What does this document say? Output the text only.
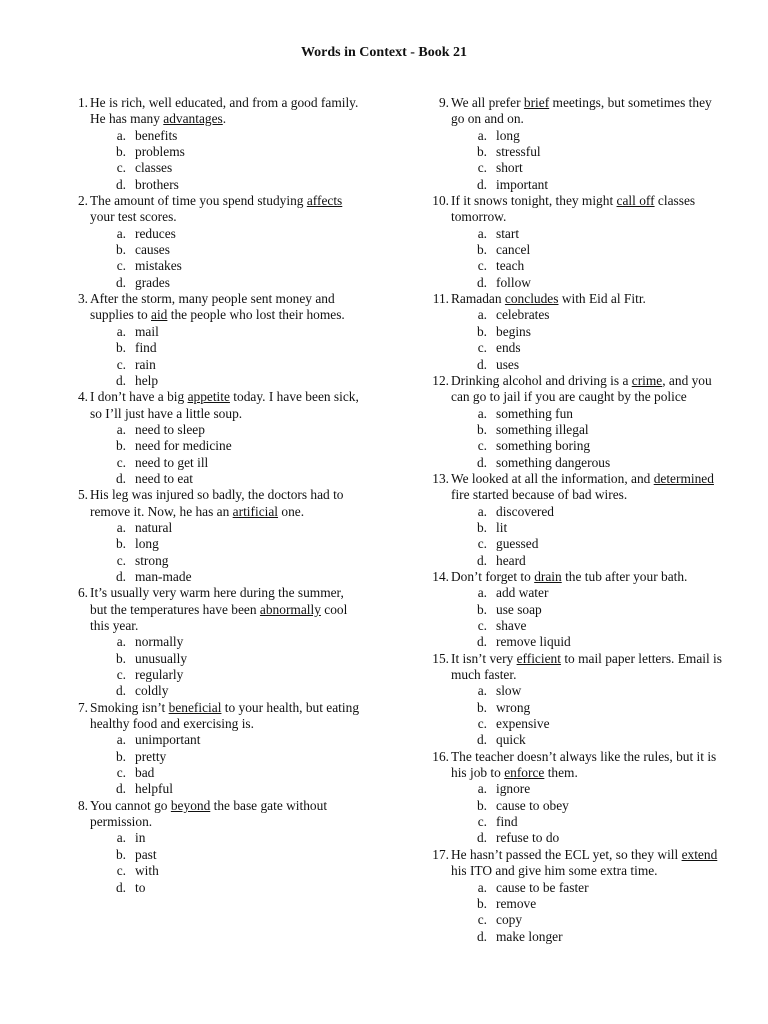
Words in Context - Book 21
1. He is rich, well educated, and from a good family. He has many advantages.
a. benefits
b. problems
c. classes
d. brothers
2. The amount of time you spend studying affects your test scores.
a. reduces
b. causes
c. mistakes
d. grades
3. After the storm, many people sent money and supplies to aid the people who lost their homes.
a. mail
b. find
c. rain
d. help
4. I don’t have a big appetite today. I have been sick, so I’ll just have a little soup.
a. need to sleep
b. need for medicine
c. need to get ill
d. need to eat
5. His leg was injured so badly, the doctors had to remove it. Now, he has an artificial one.
a. natural
b. long
c. strong
d. man-made
6. It’s usually very warm here during the summer, but the temperatures have been abnormally cool this year.
a. normally
b. unusually
c. regularly
d. coldly
7. Smoking isn’t beneficial to your health, but eating healthy food and exercising is.
a. unimportant
b. pretty
c. bad
d. helpful
8. You cannot go beyond the base gate without permission.
a. in
b. past
c. with
d. to
9. We all prefer brief meetings, but sometimes they go on and on.
a. long
b. stressful
c. short
d. important
10. If it snows tonight, they might call off classes tomorrow.
a. start
b. cancel
c. teach
d. follow
11. Ramadan concludes with Eid al Fitr.
a. celebrates
b. begins
c. ends
d. uses
12. Drinking alcohol and driving is a crime, and you can go to jail if you are caught by the police
a. something fun
b. something illegal
c. something boring
d. something dangerous
13. We looked at all the information, and determined fire started because of bad wires.
a. discovered
b. lit
c. guessed
d. heard
14. Don’t forget to drain the tub after your bath.
a. add water
b. use soap
c. shave
d. remove liquid
15. It isn’t very efficient to mail paper letters. Email is much faster.
a. slow
b. wrong
c. expensive
d. quick
16. The teacher doesn’t always like the rules, but it is his job to enforce them.
a. ignore
b. cause to obey
c. find
d. refuse to do
17. He hasn’t passed the ECL yet, so they will extend his ITO and give him some extra time.
a. cause to be faster
b. remove
c. copy
d. make longer
